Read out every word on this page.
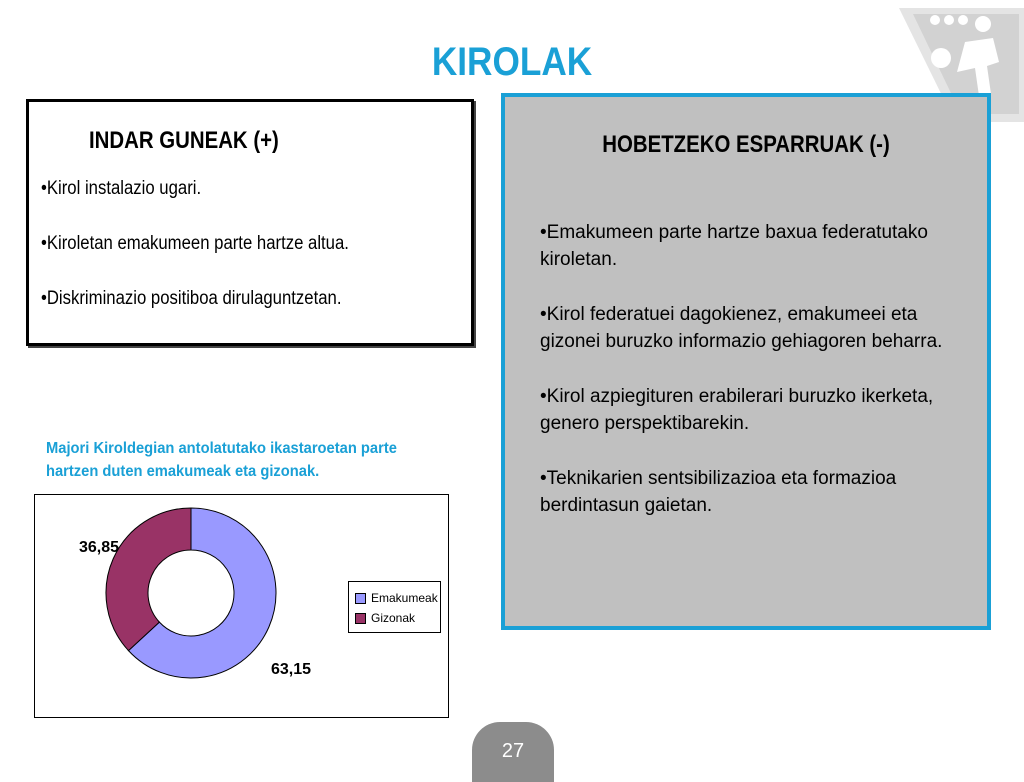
KIROLAK
INDAR GUNEAK (+)
•Kirol instalazio ugari.
•Kiroletan emakumeen parte hartze altua.
•Diskriminazio positiboa dirulaguntzetan.
HOBETZEKO ESPARRUAK (-)
•Emakumeen parte hartze baxua federatutako kiroletan.
•Kirol federatuei dagokienez, emakumeei eta gizonei buruzko informazio gehiagoren beharra.
•Kirol azpiegituren erabilerari buruzko ikerketa, genero perspektibarekin.
•Teknikarien sentsibilizazioa eta formazioa berdintasun gaietan.
Majori Kiroldegian antolatutako ikastaroetan parte hartzen duten emakumeak eta gizonak.
36,85
63,15
Emakumeak
Gizonak
27
